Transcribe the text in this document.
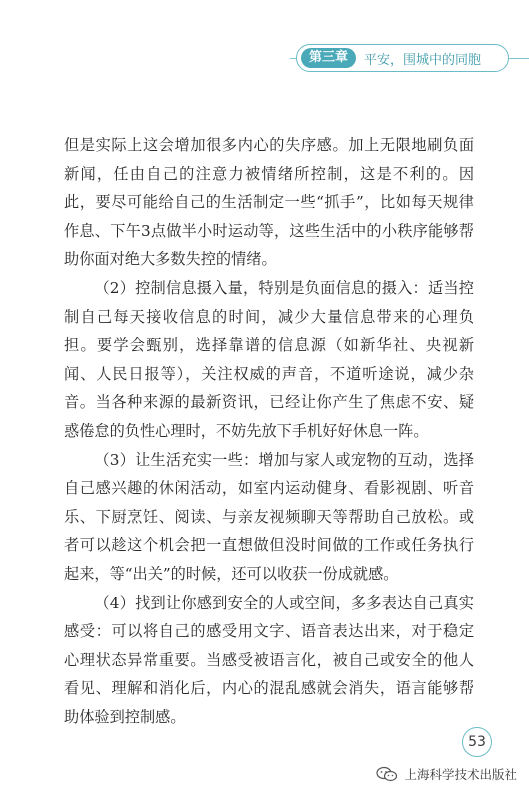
第三章	平安，围城中的同胞

但是实际上这会增加很多内心的失序感。加上无限地刷负面新闻，任由自己的注意力被情绪所控制，这是不利的。因此，要尽可能给自己的生活制定一些“抓手”，比如每天规律作息、下午3点做半小时运动等，这些生活中的小秩序能够帮助你面对绝大多数失控的情绪。

（2）控制信息摄入量，特别是负面信息的摄入：适当控制自己每天接收信息的时间，减少大量信息带来的心理负担。要学会甄别，选择靠谱的信息源（如新华社、央视新闻、人民日报等），关注权威的声音，不道听途说，减少杂音。当各种来源的最新资讯，已经让你产生了焦虑不安、疑惑倦怠的负性心理时，不妨先放下手机好好休息一阵。

（3）让生活充实一些：增加与家人或宠物的互动，选择自己感兴趣的休闲活动，如室内运动健身、看影视剧、听音乐、下厨烹饪、阅读、与亲友视频聊天等帮助自己放松。或者可以趁这个机会把一直想做但没时间做的工作或任务执行起来，等“出关”的时候，还可以收获一份成就感。

（4）找到让你感到安全的人或空间，多多表达自己真实感受：可以将自己的感受用文字、语音表达出来，对于稳定心理状态异常重要。当感受被语言化，被自己或安全的他人看见、理解和消化后，内心的混乱感就会消失，语言能够帮助体验到控制感。

53
上海科学技术出版社
